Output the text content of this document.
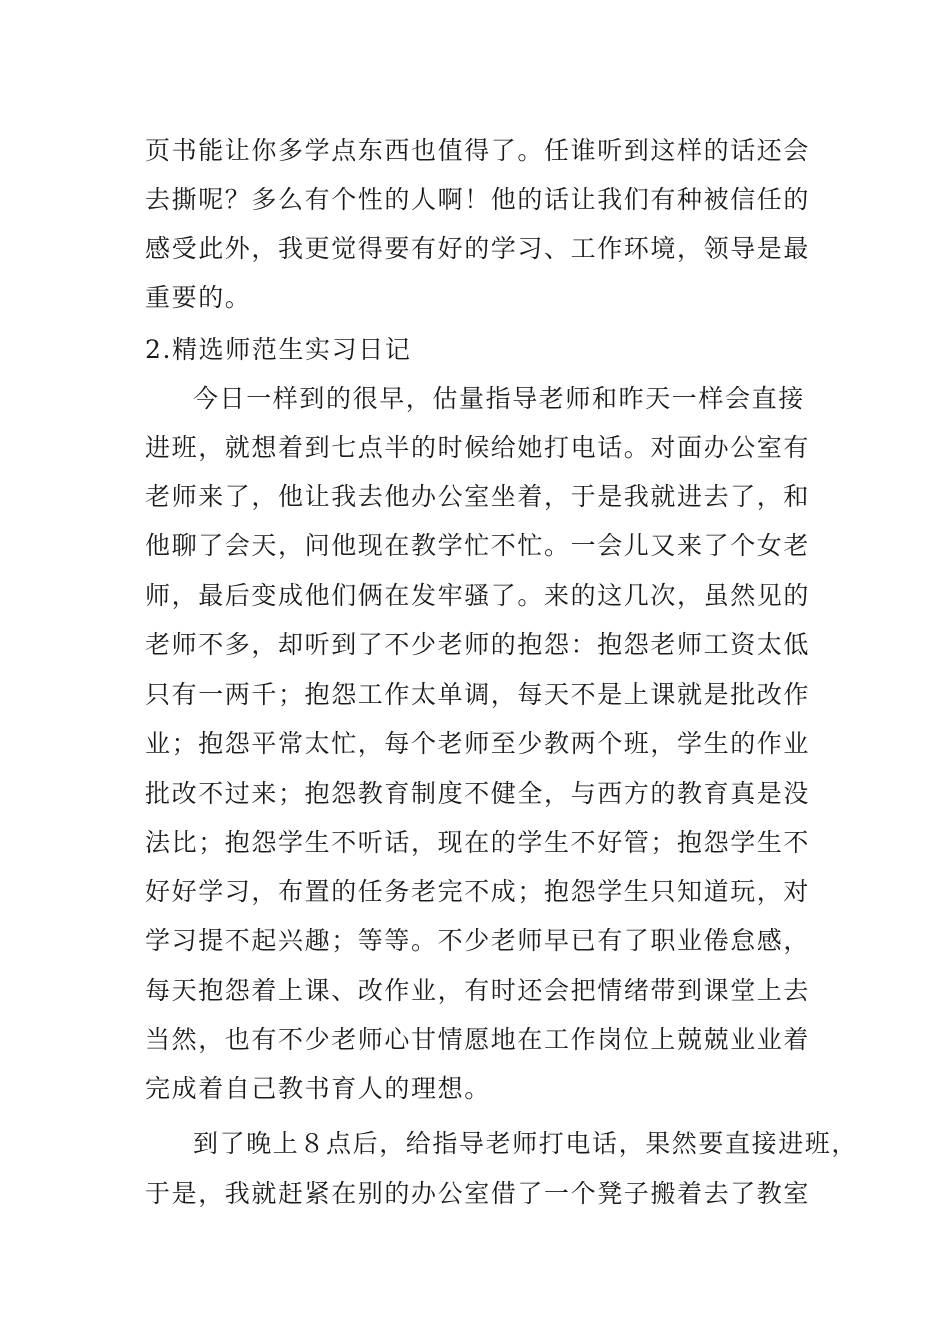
页书能让你多学点东西也值得了。任谁听到这样的话还会
去撕呢？多么有个性的人啊！他的话让我们有种被信任的
感受此外，我更觉得要有好的学习、工作环境，领导是最
重要的。
2.精选师范生实习日记
今日一样到的很早，估量指导老师和昨天一样会直接
进班，就想着到七点半的时候给她打电话。对面办公室有
老师来了，他让我去他办公室坐着，于是我就进去了，和
他聊了会天，问他现在教学忙不忙。一会儿又来了个女老
师，最后变成他们俩在发牢骚了。来的这几次，虽然见的
老师不多，却听到了不少老师的抱怨：抱怨老师工资太低
只有一两千；抱怨工作太单调，每天不是上课就是批改作
业；抱怨平常太忙，每个老师至少教两个班，学生的作业
批改不过来；抱怨教育制度不健全，与西方的教育真是没
法比；抱怨学生不听话，现在的学生不好管；抱怨学生不
好好学习，布置的任务老完不成；抱怨学生只知道玩，对
学习提不起兴趣；等等。不少老师早已有了职业倦怠感，
每天抱怨着上课、改作业，有时还会把情绪带到课堂上去
当然，也有不少老师心甘情愿地在工作岗位上兢兢业业着
完成着自己教书育人的理想。
到了晚上８点后，给指导老师打电话，果然要直接进班，
于是，我就赶紧在别的办公室借了一个凳子搬着去了教室
